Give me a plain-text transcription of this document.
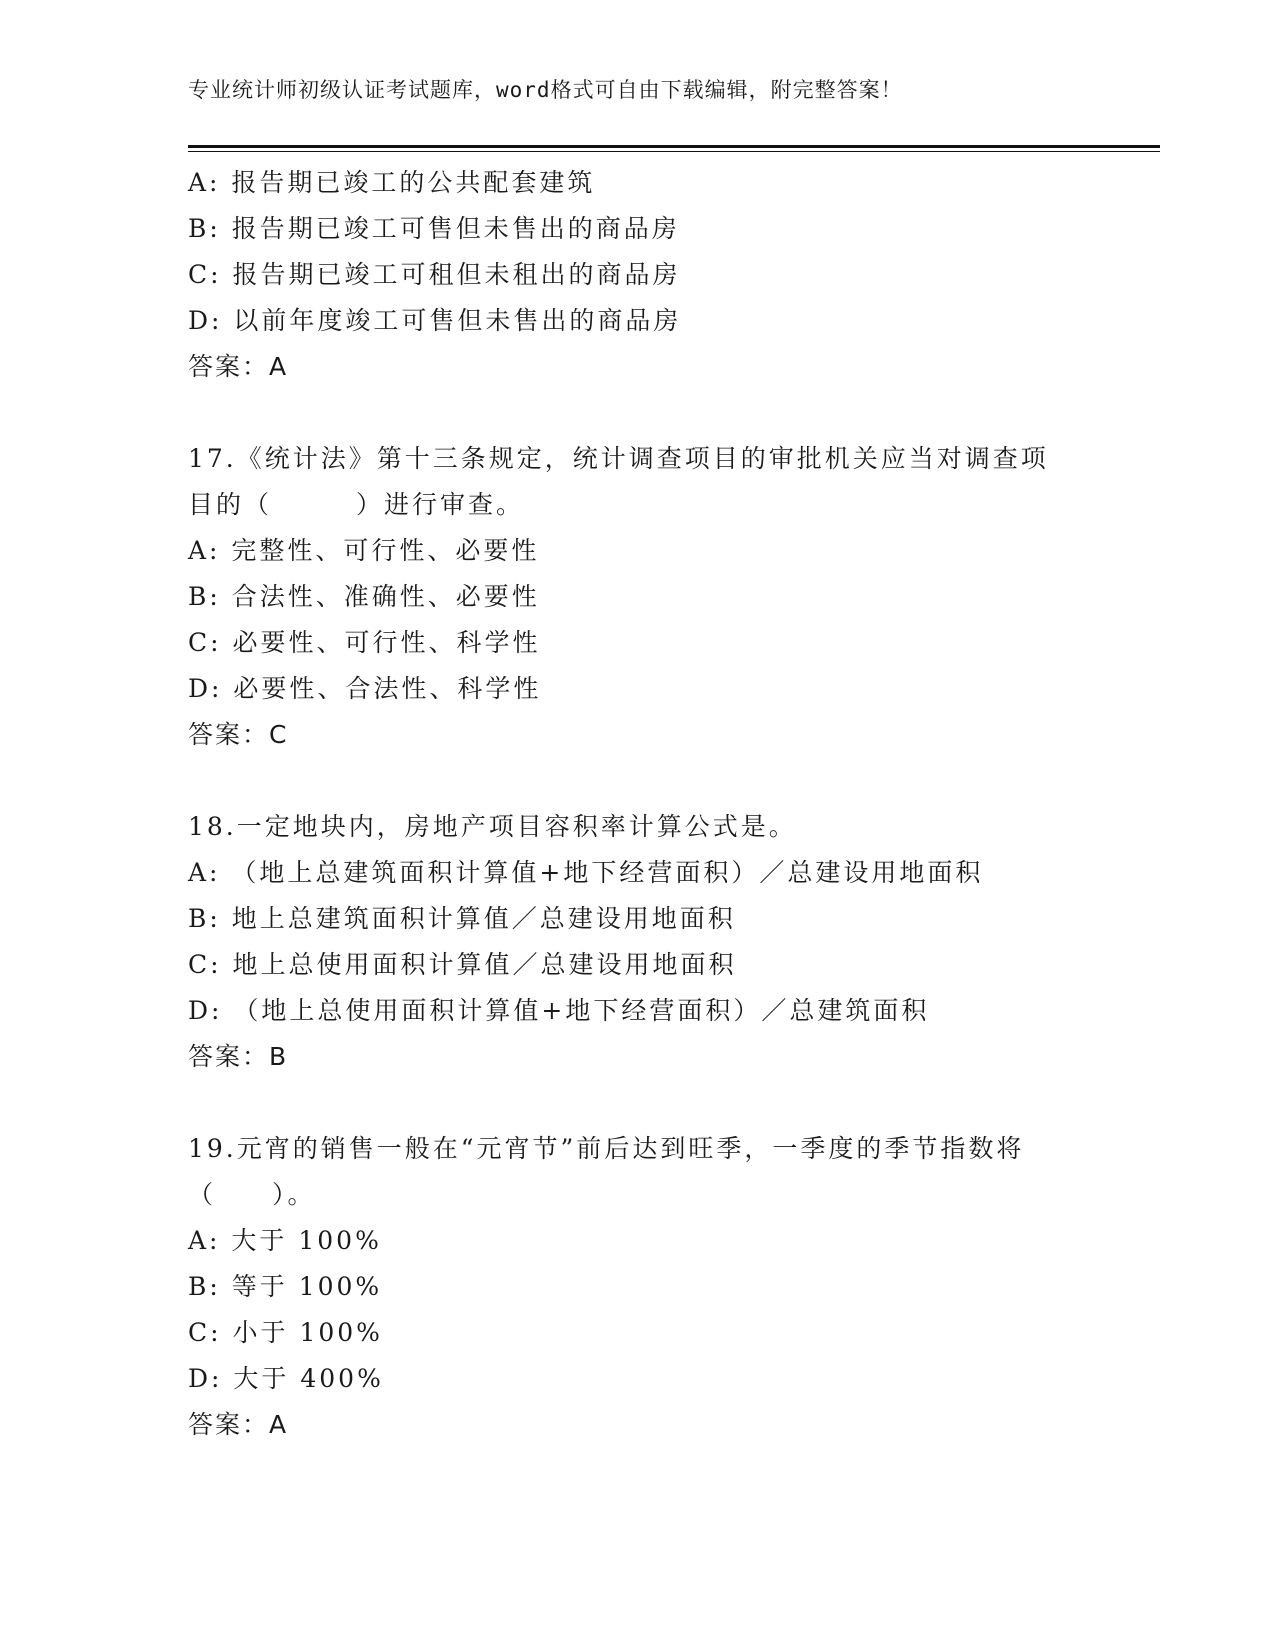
专业统计师初级认证考试题库，word格式可自由下载编辑，附完整答案！
A: 报告期已竣工的公共配套建筑
B: 报告期已竣工可售但未售出的商品房
C: 报告期已竣工可租但未租出的商品房
D: 以前年度竣工可售但未售出的商品房
答案：A
17.《统计法》第十三条规定，统计调查项目的审批机关应当对调查项
目的（　　　）进行审查。
A: 完整性、可行性、必要性
B: 合法性、准确性、必要性
C: 必要性、可行性、科学性
D: 必要性、合法性、科学性
答案：C
18.一定地块内，房地产项目容积率计算公式是。
A: （地上总建筑面积计算值+地下经营面积）／总建设用地面积
B: 地上总建筑面积计算值／总建设用地面积
C: 地上总使用面积计算值／总建设用地面积
D: （地上总使用面积计算值+地下经营面积）／总建筑面积
答案：B
19.元宵的销售一般在“元宵节”前后达到旺季，一季度的季节指数将
（　　）。
A: 大于 100%
B: 等于 100%
C: 小于 100%
D: 大于 400%
答案：A
